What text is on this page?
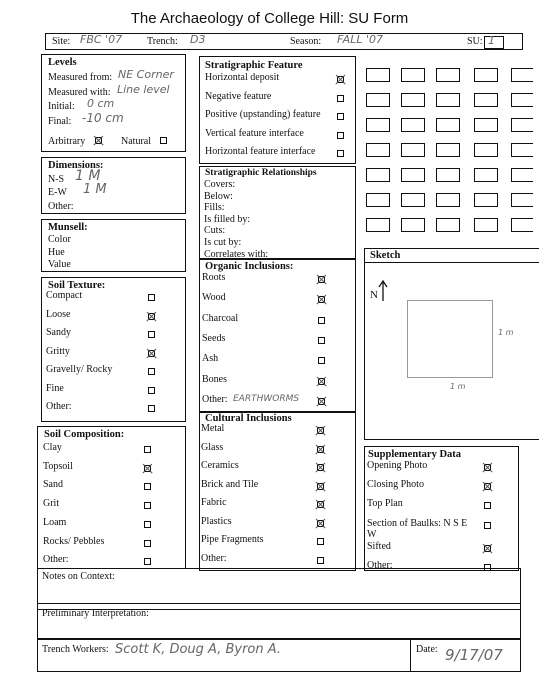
The Archaeology of College Hill: SU Form
Site: FBC '07 Trench: D3	Season: FALL '07	SU: 1
Levels
Measured from: NE Corner
Measured with: Line level
Initial: 0 cm
Final: -10 cm
Arbitrary	Natural
Dimensions:
N-S 1 M
E-W 1 M
Other:
Munsell:
Color
Hue
Value
Soil Texture:
Compact
Loose
Sandy
Gritty
Gravelly/ Rocky
Fine
Other:
Soil Composition:
Clay
Topsoil
Sand
Grit
Loam
Rocks/ Pebbles
Other:
Stratigraphic Feature
Horizontal deposit
Negative feature
Positive (upstanding) feature
Vertical feature interface
Horizontal feature interface
Stratigraphic Relationships
Covers:
Below:
Fills:
Is filled by:
Cuts:
Is cut by:
Correlates with:
Organic Inclusions:
Roots
Wood
Charcoal
Seeds
Ash
Bones
Other: EARTHWORMS
Cultural Inclusions
Metal
Glass
Ceramics
Brick and Tile
Fabric
Plastics
Pipe Fragments
Other:
Sketch
N
1 m
1 m
Supplementary Data
Opening Photo
Closing Photo
Top Plan
Section of Baulks: N S E W
Sifted
Other:
Notes on Context:
Preliminary Interpretation:
Trench Workers: Scott K, Doug A, Byron A.	Date: 9/17/07
